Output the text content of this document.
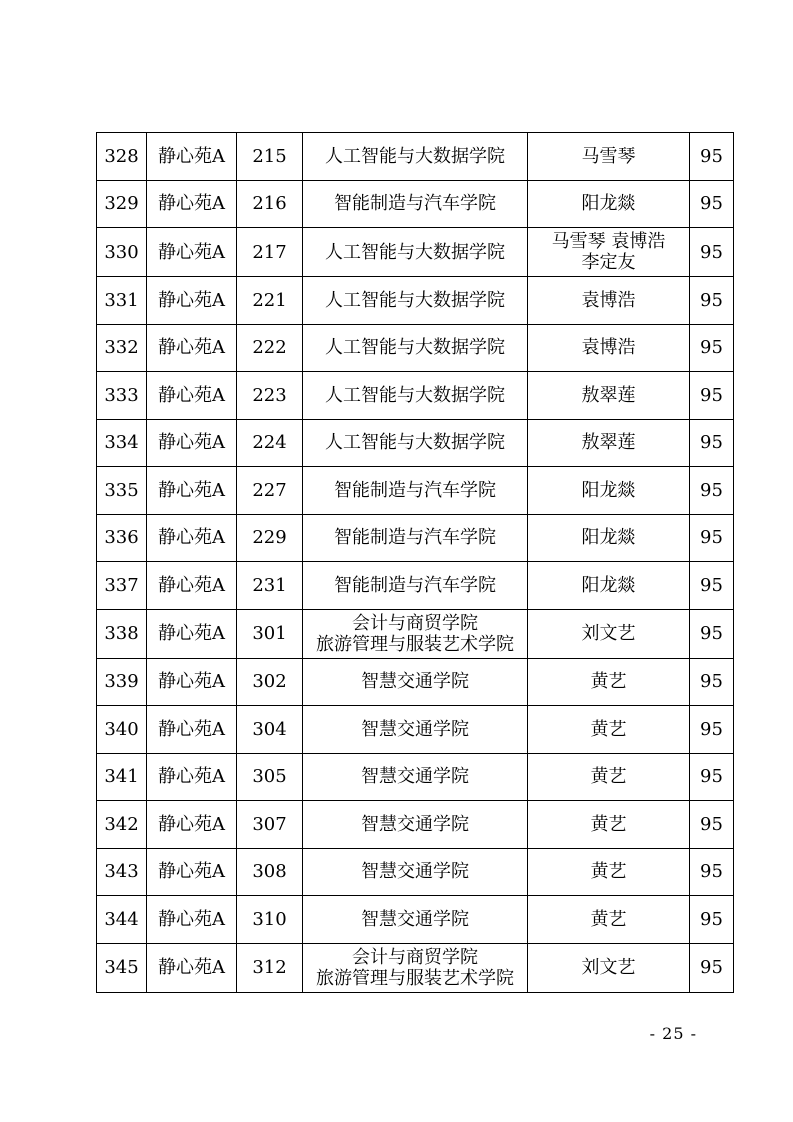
328	静心苑A	215	人工智能与大数据学院	马雪琴	95
329	静心苑A	216	智能制造与汽车学院	阳龙燚	95
330	静心苑A	217	人工智能与大数据学院	马雪琴 袁博浩
李定友	95
331	静心苑A	221	人工智能与大数据学院	袁博浩	95
332	静心苑A	222	人工智能与大数据学院	袁博浩	95
333	静心苑A	223	人工智能与大数据学院	敖翠莲	95
334	静心苑A	224	人工智能与大数据学院	敖翠莲	95
335	静心苑A	227	智能制造与汽车学院	阳龙燚	95
336	静心苑A	229	智能制造与汽车学院	阳龙燚	95
337	静心苑A	231	智能制造与汽车学院	阳龙燚	95
338	静心苑A	301	会计与商贸学院
旅游管理与服装艺术学院	刘文艺	95
339	静心苑A	302	智慧交通学院	黄艺	95
340	静心苑A	304	智慧交通学院	黄艺	95
341	静心苑A	305	智慧交通学院	黄艺	95
342	静心苑A	307	智慧交通学院	黄艺	95
343	静心苑A	308	智慧交通学院	黄艺	95
344	静心苑A	310	智慧交通学院	黄艺	95
345	静心苑A	312	会计与商贸学院
旅游管理与服装艺术学院	刘文艺	95
- 25 -
